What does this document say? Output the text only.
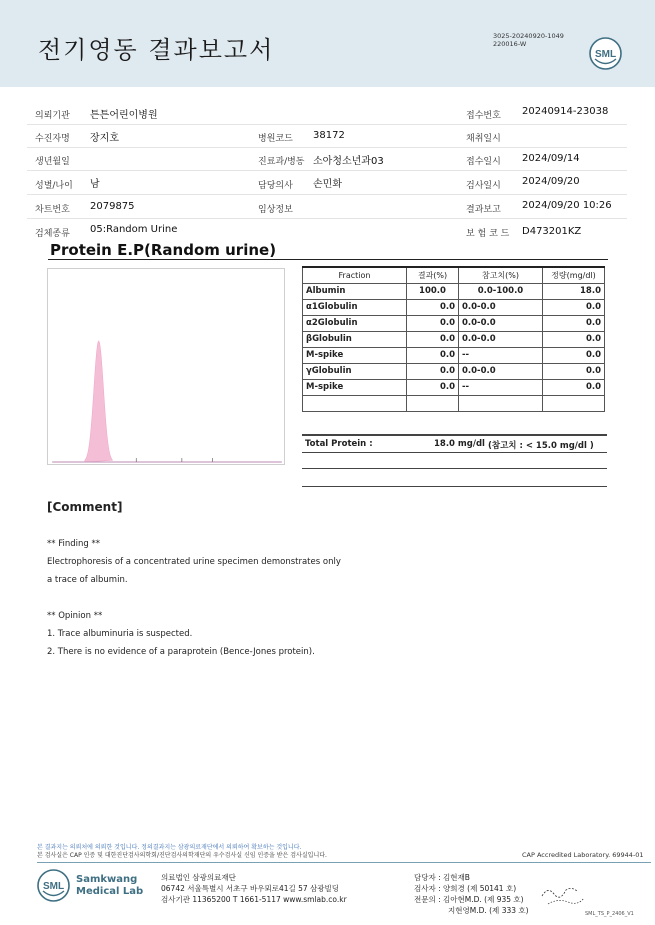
전기영동 결과보고서	3025-20240920-1049
220016-W
SML
의뢰기관 튼튼어린이병원	접수번호 20240914-23038
수진자명 장지호	병원코드 38172	채취일시
생년월일	진료과/병동 소아청소년과03	접수일시 2024/09/14
성별/나이 남	담당의사 손민화	검사일시 2024/09/20
차트번호 2079875	임상정보	결과보고 2024/09/20 10:26
검체종류 05:Random Urine	보 험 코 드 D473201KZ
Protein E.P(Random urine)
Fraction	결과(%)	참고치(%)	정량(mg/dl)
Albumin	100.0	0.0-100.0	18.0
α1Globulin	0.0	0.0-0.0	0.0
α2Globulin	0.0	0.0-0.0	0.0
βGlobulin	0.0	0.0-0.0	0.0
M-spike	0.0	--	0.0
γGlobulin	0.0	0.0-0.0	0.0
M-spike	0.0	--	0.0

Total Protein :	18.0 mg/dl (참고치 : < 15.0 mg/dl )
[Comment]
** Finding **
Electrophoresis of a concentrated urine specimen demonstrates only
a trace of albumin.
** Opinion **
1. Trace albuminuria is suspected.
2. There is no evidence of a paraprotein (Bence-Jones protein).
본 결과지는 의뢰처에 의뢰한 것입니다. 정의결과지는 삼광의료재단에서 의뢰하여 확보하는 것입니다.
본 검사실은 CAP 인증 및 대한진단검사의학회/진단검사의학재단의 우수검사실 신임 인증을 받은 검사실입니다.	CAP Accredited Laboratory. 69944-01
SML
Samkwang
Medical Lab
의료법인 삼광의료재단
06742 서울특별시 서초구 바우뫼로41길 57 삼광빌딩
검사기관 11365200 T 1661-5117 www.smlab.co.kr
담당자 : 김현재B
검사자 : 양희경 (제 50141 호)
전문의 : 김아현M.D. (제 935 호)
지현영M.D. (제 333 호)	SML_TS_P_2406_V1
